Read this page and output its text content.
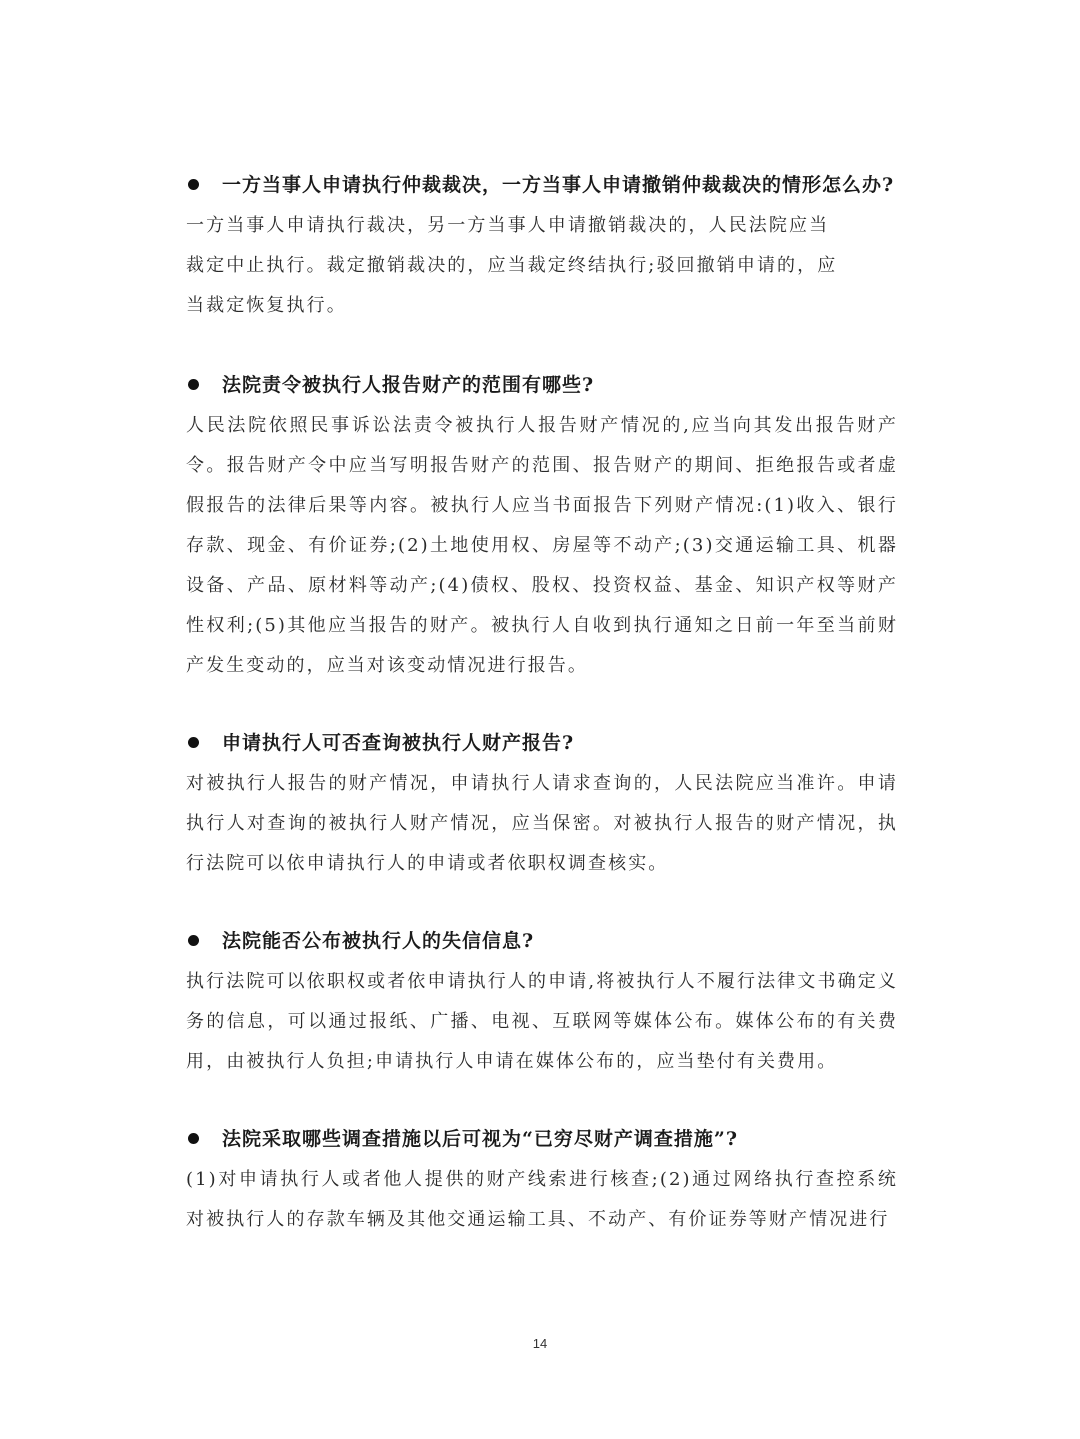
一方当事人申请执行仲裁裁决，一方当事人申请撤销仲裁裁决的情形怎么办?
一方当事人申请执行裁决，另一方当事人申请撤销裁决的，人民法院应当
裁定中止执行。裁定撤销裁决的，应当裁定终结执行;驳回撤销申请的，应
当裁定恢复执行。
法院责令被执行人报告财产的范围有哪些?
人民法院依照民事诉讼法责令被执行人报告财产情况的,应当向其发出报告财产令。报告财产令中应当写明报告财产的范围、报告财产的期间、拒绝报告或者虚假报告的法律后果等内容。被执行人应当书面报告下列财产情况:(1)收入、银行存款、现金、有价证券;(2)土地使用权、房屋等不动产;(3)交通运输工具、机器设备、产品、原材料等动产;(4)债权、股权、投资权益、基金、知识产权等财产性权利;(5)其他应当报告的财产。被执行人自收到执行通知之日前一年至当前财产发生变动的，应当对该变动情况进行报告。
申请执行人可否查询被执行人财产报告?
对被执行人报告的财产情况，申请执行人请求查询的，人民法院应当准许。申请执行人对查询的被执行人财产情况，应当保密。对被执行人报告的财产情况，执行法院可以依申请执行人的申请或者依职权调查核实。
法院能否公布被执行人的失信信息?
执行法院可以依职权或者依申请执行人的申请,将被执行人不履行法律文书确定义务的信息，可以通过报纸、广播、电视、互联网等媒体公布。媒体公布的有关费用，由被执行人负担;申请执行人申请在媒体公布的，应当垫付有关费用。
法院采取哪些调查措施以后可视为“已穷尽财产调查措施”?
(1)对申请执行人或者他人提供的财产线索进行核查;(2)通过网络执行查控系统对被执行人的存款车辆及其他交通运输工具、不动产、有价证券等财产情况进行
14
